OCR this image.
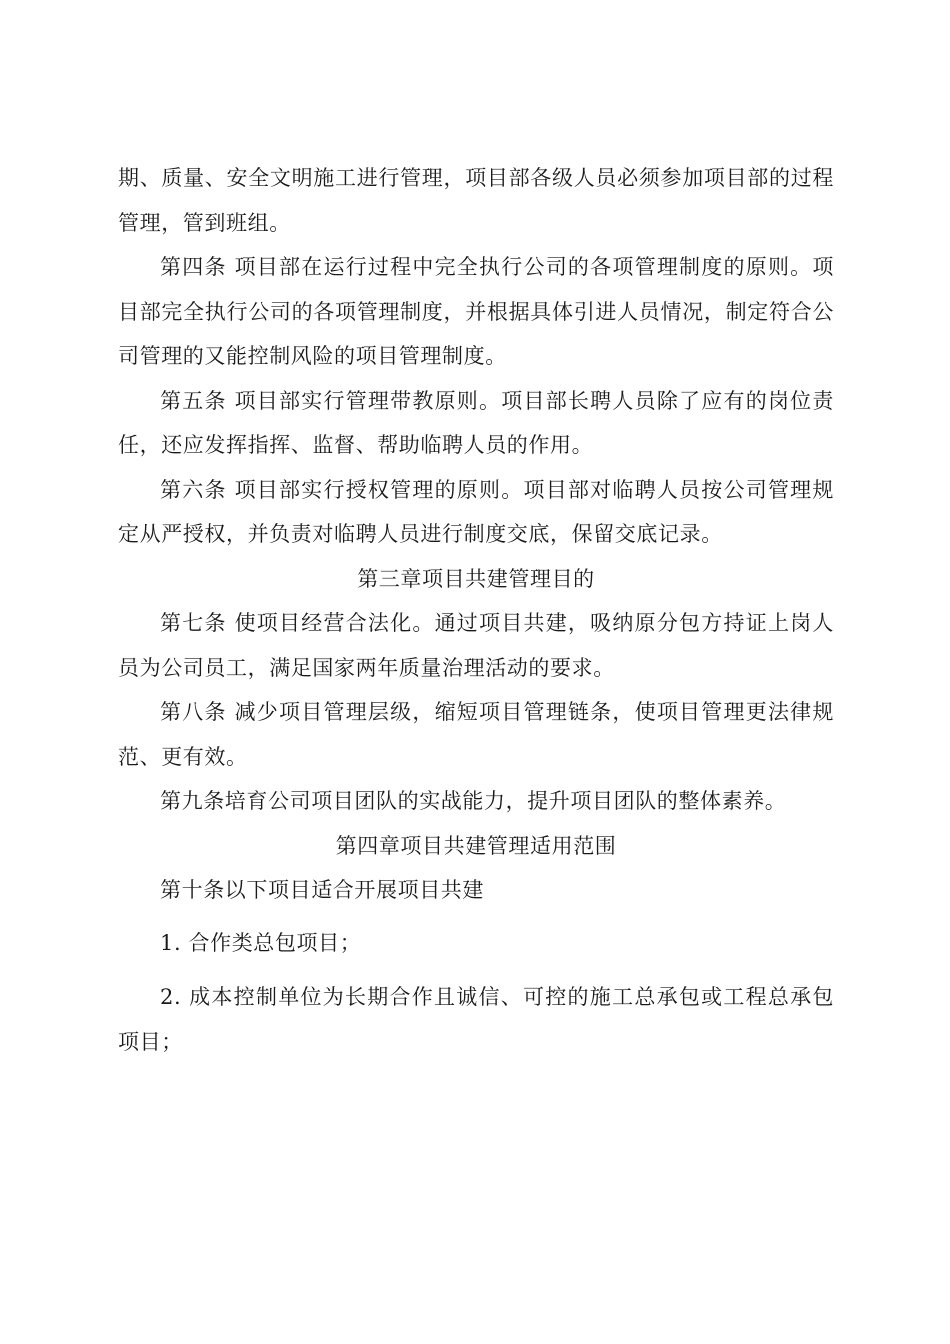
期、质量、安全文明施工进行管理，项目部各级人员必须参加项目部的过程管理，管到班组。

第四条 项目部在运行过程中完全执行公司的各项管理制度的原则。项目部完全执行公司的各项管理制度，并根据具体引进人员情况，制定符合公司管理的又能控制风险的项目管理制度。

第五条 项目部实行管理带教原则。项目部长聘人员除了应有的岗位责任，还应发挥指挥、监督、帮助临聘人员的作用。

第六条 项目部实行授权管理的原则。项目部对临聘人员按公司管理规定从严授权，并负责对临聘人员进行制度交底，保留交底记录。

第三章项目共建管理目的

第七条 使项目经营合法化。通过项目共建，吸纳原分包方持证上岗人员为公司员工，满足国家两年质量治理活动的要求。

第八条 减少项目管理层级，缩短项目管理链条，使项目管理更法律规范、更有效。

第九条培育公司项目团队的实战能力，提升项目团队的整体素养。

第四章项目共建管理适用范围

第十条以下项目适合开展项目共建

1. 合作类总包项目；

2. 成本控制单位为长期合作且诚信、可控的施工总承包或工程总承包项目；
